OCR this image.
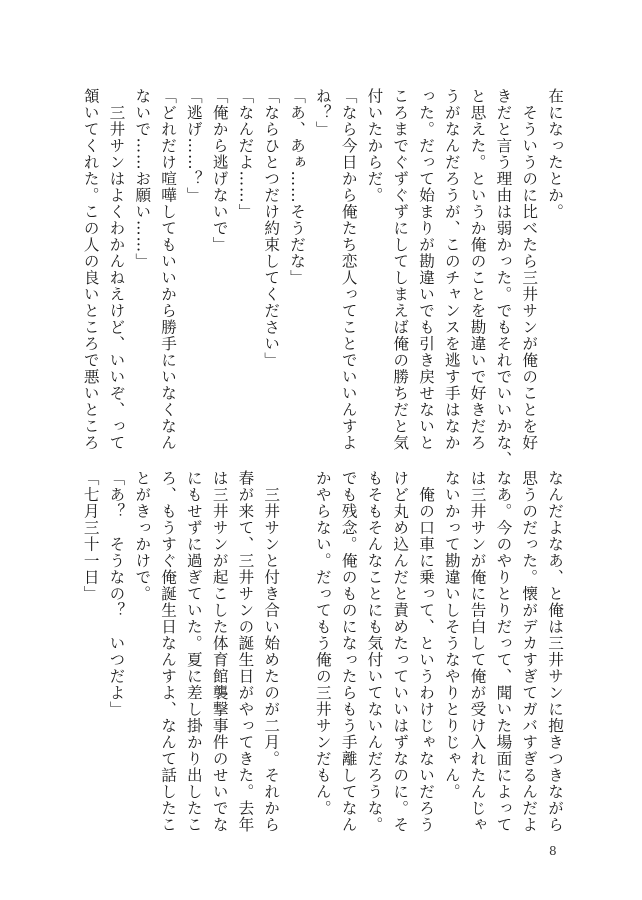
在になったとか。
　そういうのに比べたら三井サンが俺のことを好
きだと言う理由は弱かった。でもそれでいいかな、
と思えた。というか俺のことを勘違いで好きだろ
うがなんだろうが、このチャンスを逃す手はなか
った。だって始まりが勘違いでも引き戻せないと
ころまでぐずぐずにしてしまえば俺の勝ちだと気
付いたからだ。
「なら今日から俺たち恋人ってことでいいんすよ
ね？」
「あ、あぁ……そうだな」
「ならひとつだけ約束してください」
「なんだよ……」
「俺から逃げないで」
「逃げ……？」
「どれだけ喧嘩してもいいから勝手にいなくなん
ないで……お願い……」
　三井サンはよくわかんねえけど、いいぞ、って
頷いてくれた。この人の良いところで悪いところ
なんだよなあ、と俺は三井サンに抱きつきながら
思うのだった。懐がデカすぎてガバすぎるんだよ
なあ。今のやりとりだって、聞いた場面によって
は三井サンが俺に告白して俺が受け入れたんじゃ
ないかって勘違いしそうなやりとりじゃん。
　俺の口車に乗って、というわけじゃないだろう
けど丸め込んだと責めたっていいはずなのに。そ
もそもそんなことにも気付いてないんだろうな。
でも残念。俺のものになったらもう手離してなん
かやらない。だってもう俺の三井サンだもん。

　三井サンと付き合い始めたのが二月。それから
春が来て、三井サンの誕生日がやってきた。去年
は三井サンが起こした体育館襲撃事件のせいでな
にもせずに過ぎていた。夏に差し掛かり出したこ
ろ、もうすぐ俺誕生日なんすよ、なんて話したこ
とがきっかけで。
「あ？　そうなの？　いつだよ」
「七月三十一日」
8
